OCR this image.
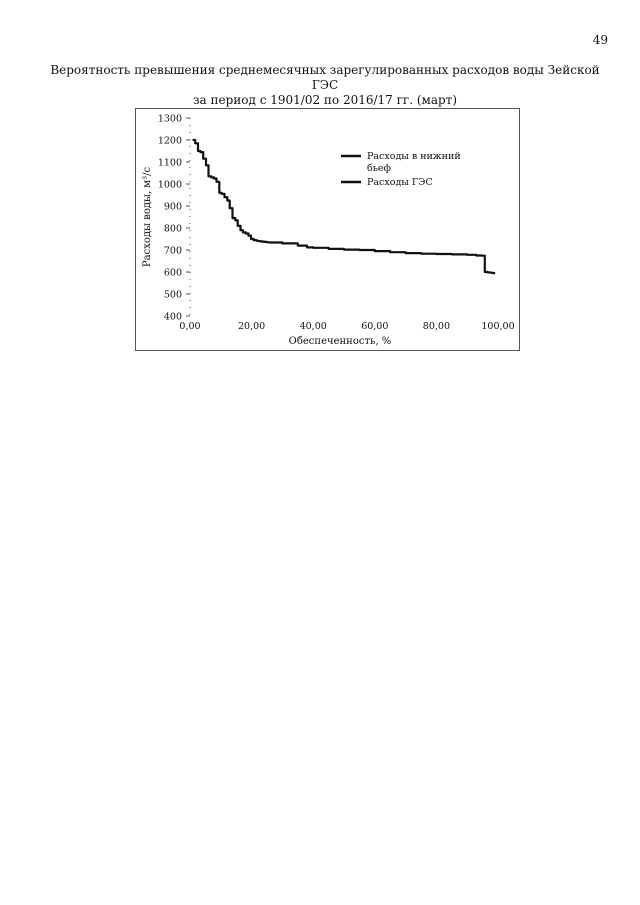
49
Вероятность превышения среднемесячных зарегулированных расходов воды Зейской ГЭС
за период с 1901/02 по 2016/17 гг. (март)
400
500
600
700
800
900
1000
1100
1200
1300
0,00	20,00	40,00	60,00	80,00	100,00
Обеспеченность, %
Расходы воды, м³/с
Расходы в нижний
бьеф
Расходы ГЭС
